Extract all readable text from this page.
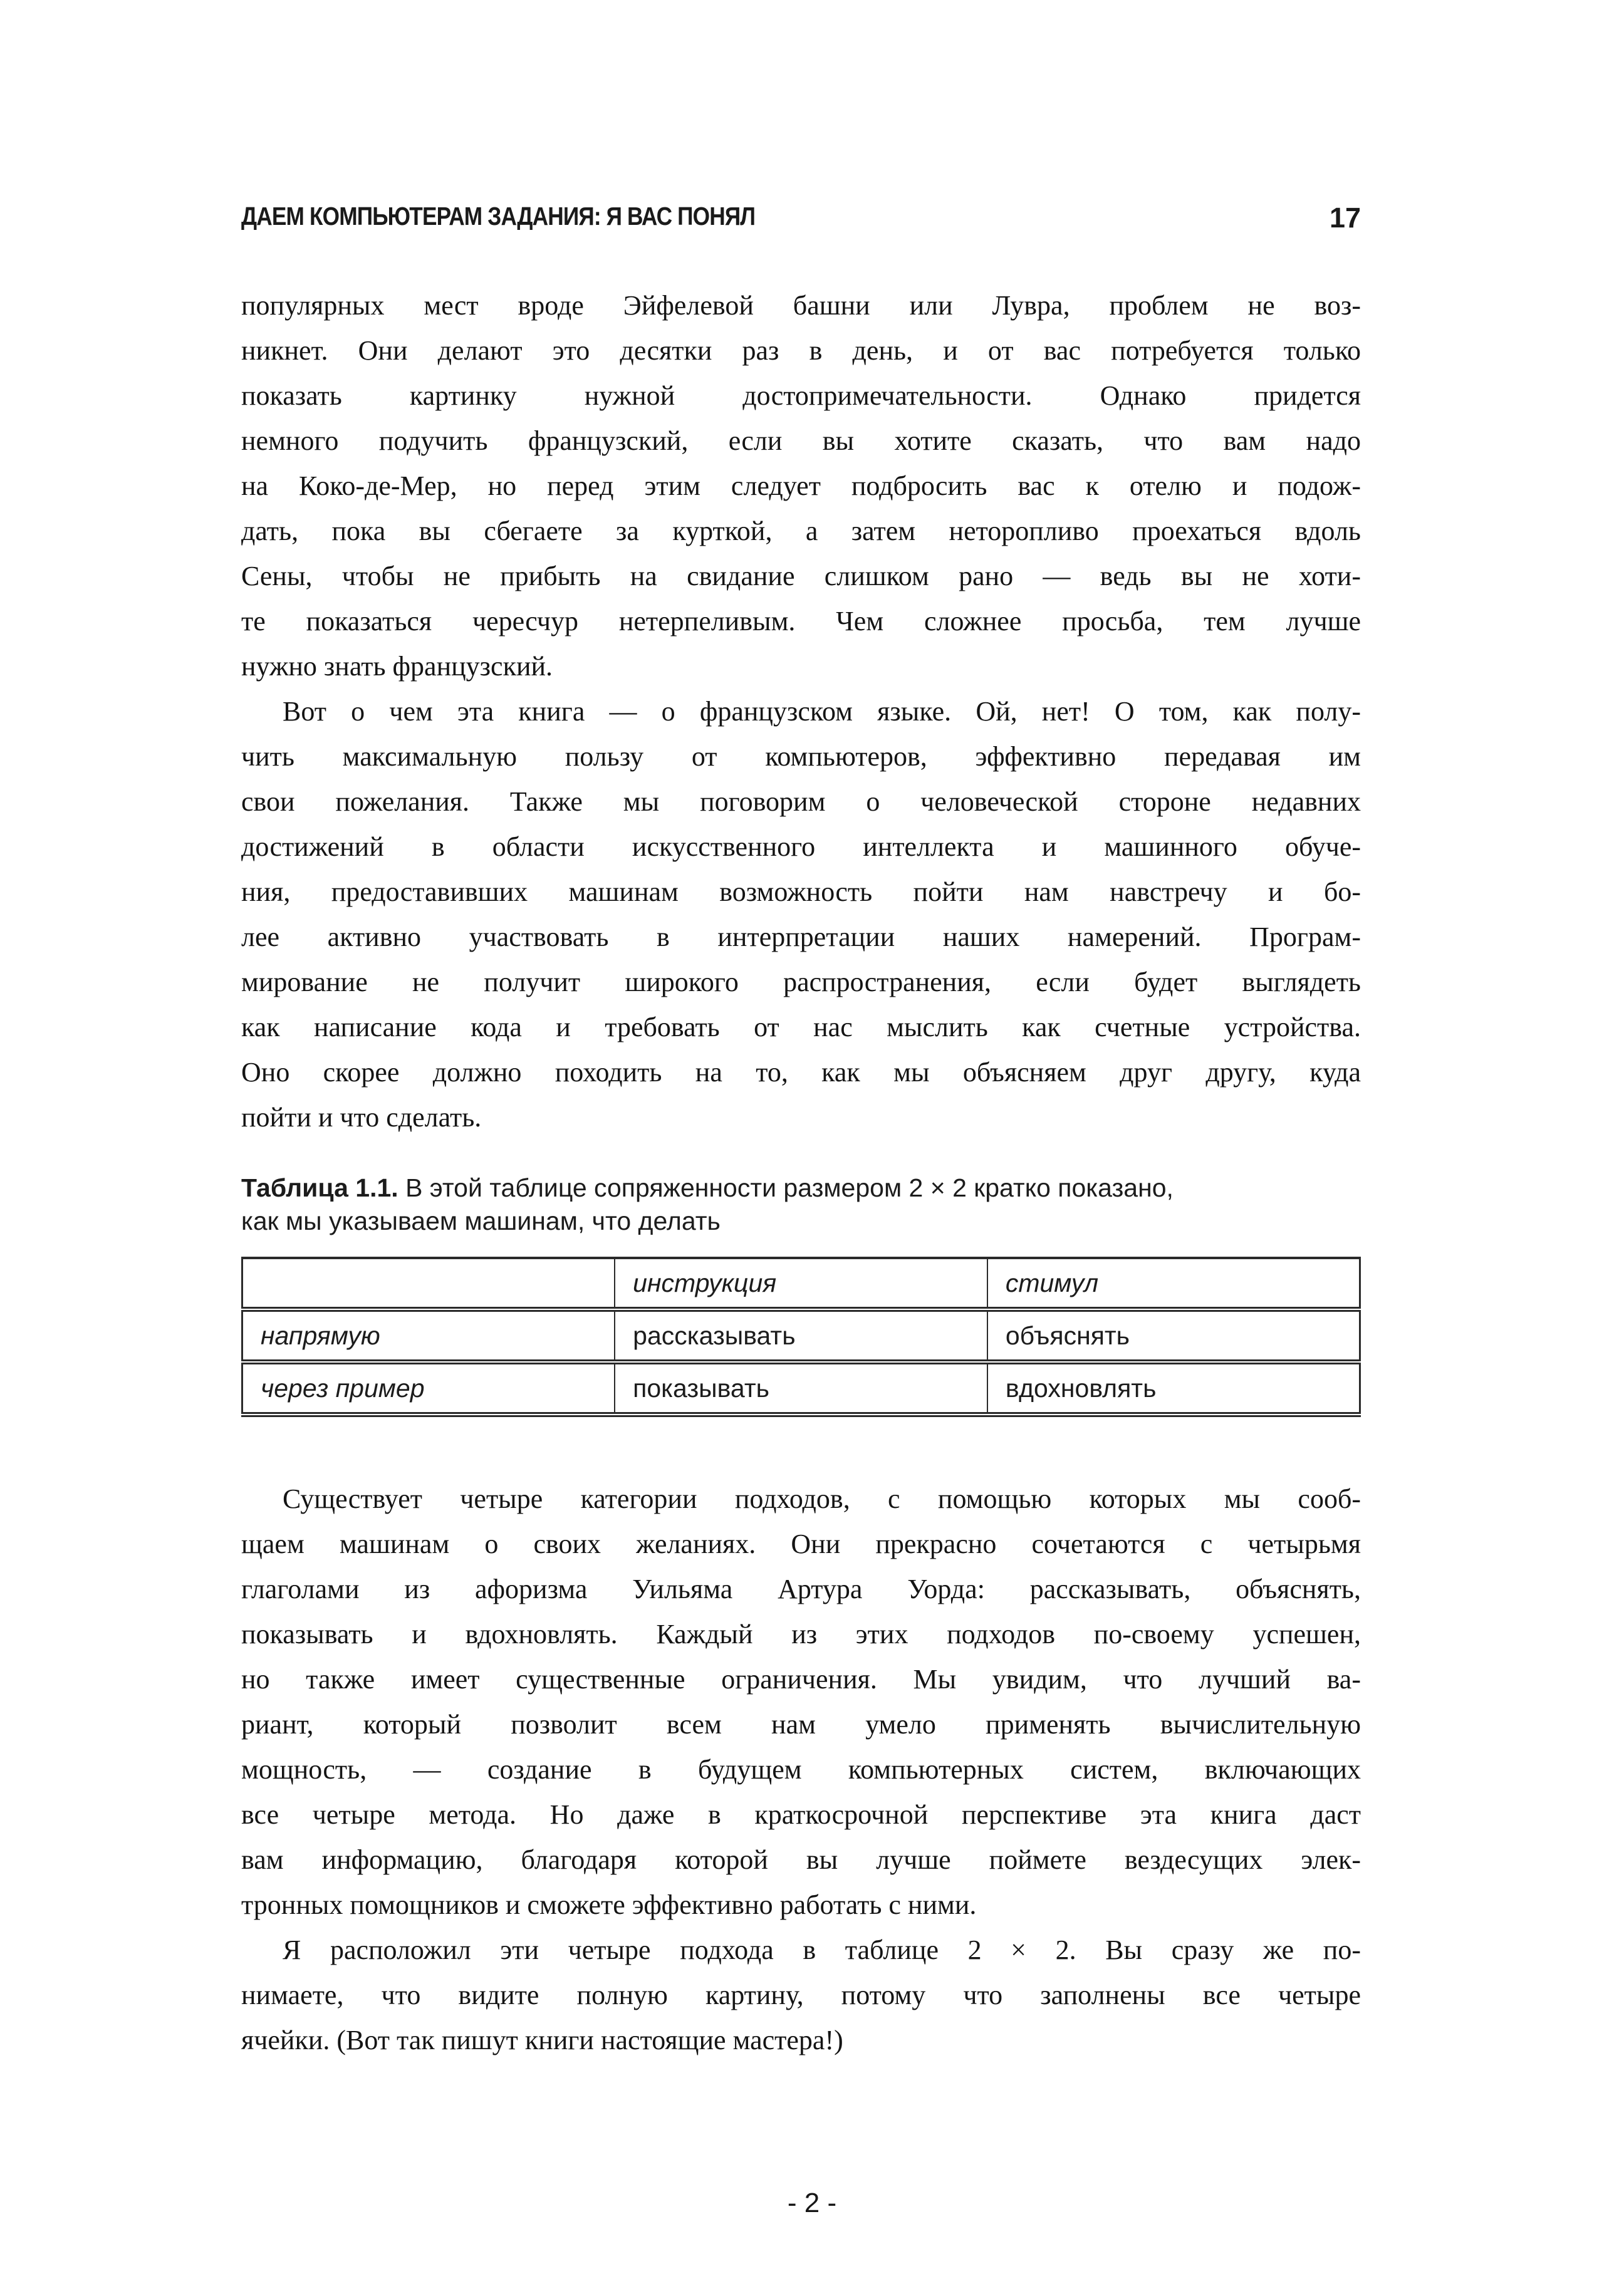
ДАЕМ КОМПЬЮТЕРАМ ЗАДАНИЯ: Я ВАС ПОНЯЛ	17
популярных мест вроде Эйфелевой башни или Лувра, проблем не воз-
никнет. Они делают это десятки раз в день, и от вас потребуется только
показать картинку нужной достопримечательности. Однако придется
немного подучить французский, если вы хотите сказать, что вам надо
на Коко-де-Мер, но перед этим следует подбросить вас к отелю и подож-
дать, пока вы сбегаете за курткой, а затем неторопливо проехаться вдоль
Сены, чтобы не прибыть на свидание слишком рано — ведь вы не хоти-
те показаться чересчур нетерпеливым. Чем сложнее просьба, тем лучше
нужно знать французский.
Вот о чем эта книга — о французском языке. Ой, нет! О том, как полу-
чить максимальную пользу от компьютеров, эффективно передавая им
свои пожелания. Также мы поговорим о человеческой стороне недавних
достижений в области искусственного интеллекта и машинного обуче-
ния, предоставивших машинам возможность пойти нам навстречу и бо-
лее активно участвовать в интерпретации наших намерений. Програм-
мирование не получит широкого распространения, если будет выглядеть
как написание кода и требовать от нас мыслить как счетные устройства.
Оно скорее должно походить на то, как мы объясняем друг другу, куда
пойти и что сделать.
Таблица 1.1. В этой таблице сопряженности размером 2 × 2 кратко показано,
как мы указываем машинам, что делать
	инструкция	стимул
напрямую	рассказывать	объяснять
через пример	показывать	вдохновлять
Существует четыре категории подходов, с помощью которых мы сооб-
щаем машинам о своих желаниях. Они прекрасно сочетаются с четырьмя
глаголами из афоризма Уильяма Артура Уорда: рассказывать, объяснять,
показывать и вдохновлять. Каждый из этих подходов по-своему успешен,
но также имеет существенные ограничения. Мы увидим, что лучший ва-
риант, который позволит всем нам умело применять вычислительную
мощность, — создание в будущем компьютерных систем, включающих
все четыре метода. Но даже в краткосрочной перспективе эта книга даст
вам информацию, благодаря которой вы лучше поймете вездесущих элек-
тронных помощников и сможете эффективно работать с ними.
Я расположил эти четыре подхода в таблице 2 × 2. Вы сразу же по-
нимаете, что видите полную картину, потому что заполнены все четыре
ячейки. (Вот так пишут книги настоящие мастера!)
- 2 -
